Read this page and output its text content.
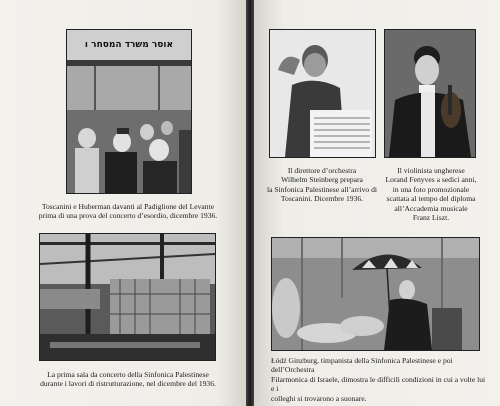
אוסר משרד המסחר ו
Toscanini e Huberman davanti al Padiglione del Levante
prima di una prova del concerto d’esordio, dicembre 1936.
La prima sala da concerto della Sinfonica Palestinese
durante i lavori di ristrutturazione, nel dicembre del 1936.
Il direttore d’orchestra
Wilhelm Steinberg prepara
la Sinfonica Palestinese all’arrivo di
Toscanini. Dicembre 1936.
Il violinista ungherese
Lorand Fenyves a sedici anni,
in una foto promozionale
scattata al tempo del diploma
all’Accademia musicale
Franz Liszt.
Łódź Ginzburg, timpanista della Sinfonica Palestinese e poi dell’Orchestra
Filarmonica di Israele, dimostra le difficili condizioni in cui a volte lui e i
colleghi si trovarono a suonare.
